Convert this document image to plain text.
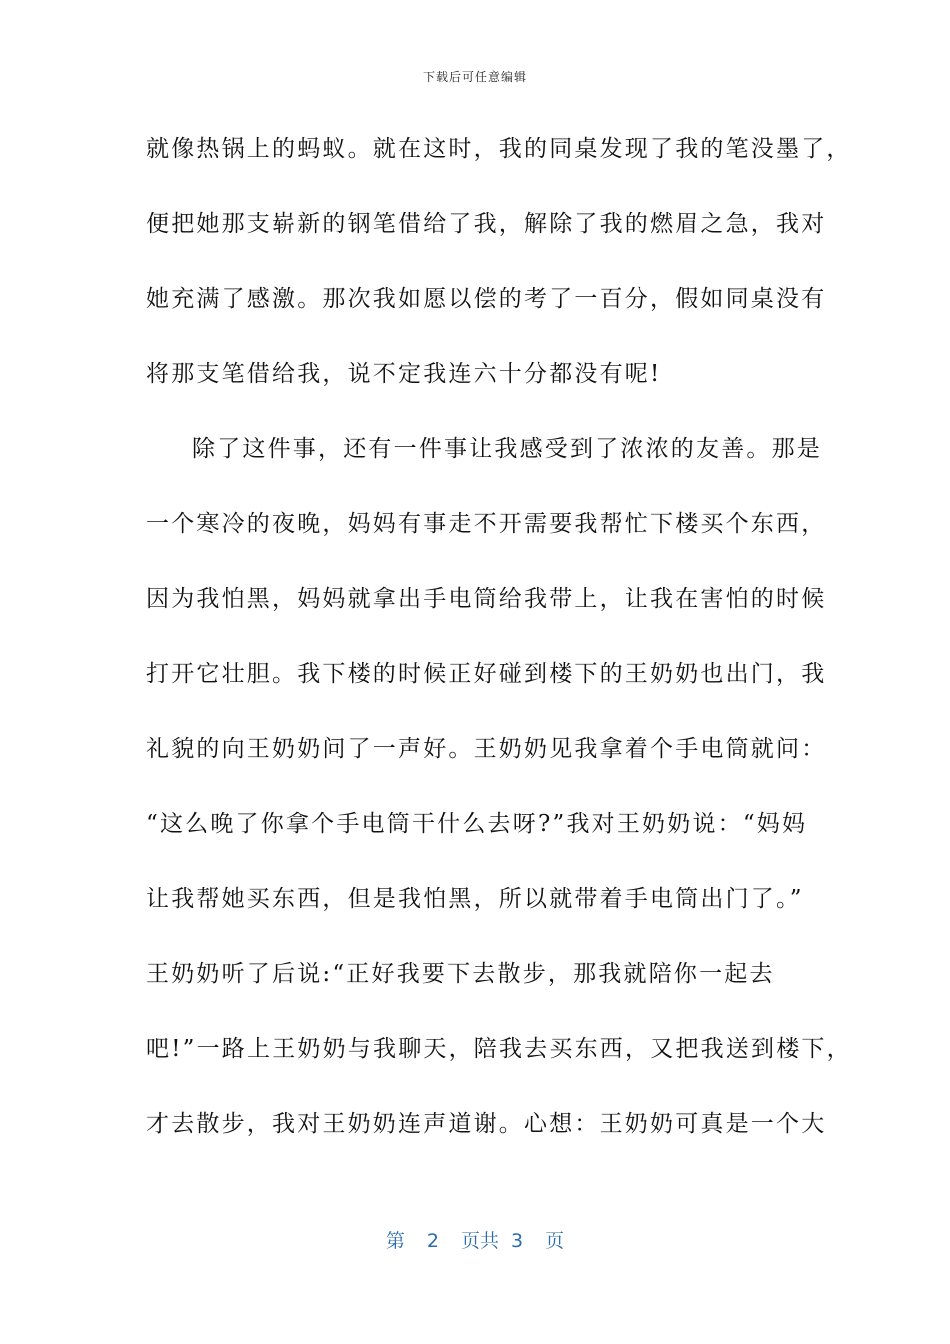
下载后可任意编辑
就像热锅上的蚂蚁。就在这时，我的同桌发现了我的笔没墨了，
便把她那支崭新的钢笔借给了我，解除了我的燃眉之急，我对
她充满了感激。那次我如愿以偿的考了一百分，假如同桌没有
将那支笔借给我，说不定我连六十分都没有呢!
除了这件事，还有一件事让我感受到了浓浓的友善。那是
一个寒冷的夜晚，妈妈有事走不开需要我帮忙下楼买个东西，
因为我怕黑，妈妈就拿出手电筒给我带上，让我在害怕的时候
打开它壮胆。我下楼的时候正好碰到楼下的王奶奶也出门，我
礼貌的向王奶奶问了一声好。王奶奶见我拿着个手电筒就问：
“这么晚了你拿个手电筒干什么去呀?”我对王奶奶说：“妈妈
让我帮她买东西，但是我怕黑，所以就带着手电筒出门了。”
王奶奶听了后说:“正好我要下去散步，那我就陪你一起去
吧!”一路上王奶奶与我聊天，陪我去买东西，又把我送到楼下，
才去散步，我对王奶奶连声道谢。心想：王奶奶可真是一个大
第 2 页共 3 页
